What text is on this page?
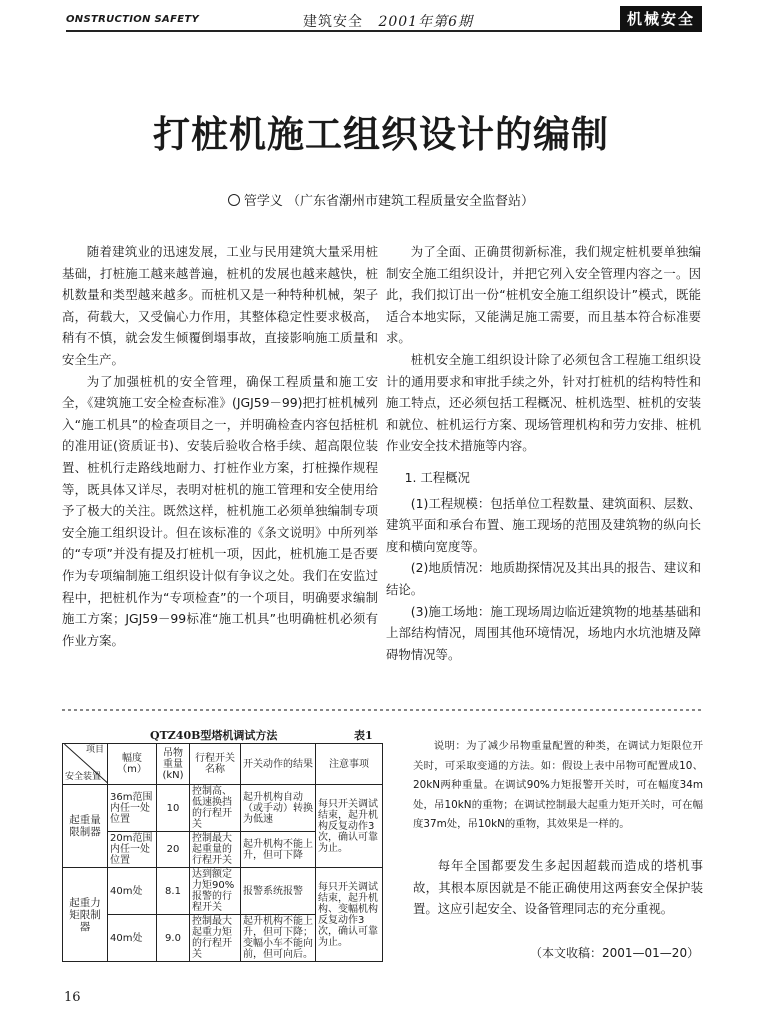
ONSTRUCTION SAFETY	建筑安全 2001年第6期	机械安全
打桩机施工组织设计的编制
管学义 （广东省潮州市建筑工程质量安全监督站）

随着建筑业的迅速发展，工业与民用建筑大量采用桩基础，打桩施工越来越普遍，桩机的发展也越来越快，桩机数量和类型越来越多。而桩机又是一种特种机械，架子高，荷载大，又受偏心力作用，其整体稳定性要求极高，稍有不慎，就会发生倾覆倒塌事故，直接影响施工质量和安全生产。

为了加强桩机的安全管理，确保工程质量和施工安全，《建筑施工安全检查标准》(JGJ59－99)把打桩机械列入“施工机具”的检查项目之一，并明确检查内容包括桩机的准用证(资质证书)、安装后验收合格手续、超高限位装置、桩机行走路线地耐力、打桩作业方案，打桩操作规程等，既具体又详尽，表明对桩机的施工管理和安全使用给予了极大的关注。既然这样，桩机施工必须单独编制专项安全施工组织设计。但在该标准的《条文说明》中所列举的“专项”并没有提及打桩机一项，因此，桩机施工是否要作为专项编制施工组织设计似有争议之处。我们在安监过程中，把桩机作为“专项检查”的一个项目，明确要求编制施工方案；JGJ59－99标准“施工机具”也明确桩机必须有作业方案。

为了全面、正确贯彻新标准，我们规定桩机要单独编制安全施工组织设计，并把它列入安全管理内容之一。因此，我们拟订出一份“桩机安全施工组织设计”模式，既能适合本地实际，又能满足施工需要，而且基本符合标准要求。

桩机安全施工组织设计除了必须包含工程施工组织设计的通用要求和审批手续之外，针对打桩机的结构特性和施工特点，还必须包括工程概况、桩机选型、桩机的安装和就位、桩机运行方案、现场管理机构和劳力安排、桩机作业安全技术措施等内容。

1. 工程概况

(1)工程规模：包括单位工程数量、建筑面积、层数、建筑平面和承台布置、施工现场的范围及建筑物的纵向长度和横向宽度等。

(2)地质情况：地质勘探情况及其出具的报告、建议和结论。

(3)施工场地：施工现场周边临近建筑物的地基基础和上部结构情况，周围其他环境情况，场地内水坑池塘及障碍物情况等。

QTZ40B型塔机调试方法	表1
项目
安全装置	幅度（m）	吊物重量(kN)	行程开关名称	开关动作的结果	注意事项
起重量限制器	36m范围内任一处位置	10	控制高、低速换挡的行程开关	起升机构自动（或手动）转换为低速	每只开关调试结束，起升机构反复动作3次，确认可靠为止。
	20m范围内任一处位置	20	控制最大起重量的行程开关	起升机构不能上升，但可下降	
起重力矩限制器	40m处	8.1	达到额定力矩90%报警的行程开关	报警系统报警	每只开关调试结束，起升机构、变幅机构反复动作3次，确认可靠为止。
	40m处	9.0	控制最大起重力矩的行程开关	起升机构不能上升，但可下降；变幅小车不能向前，但可向后。	

说明：为了减少吊物重量配置的种类，在调试力矩限位开关时，可采取变通的方法。如：假设上表中吊物可配置成10、20kN两种重量。在调试90%力矩报警开关时，可在幅度34m处，吊10kN的重物；在调试控制最大起重力矩开关时，可在幅度37m处，吊10kN的重物，其效果是一样的。

每年全国都要发生多起因超载而造成的塔机事故，其根本原因就是不能正确使用这两套安全保护装置。这应引起安全、设备管理同志的充分重视。

（本文收稿：2001—01—20）
16
